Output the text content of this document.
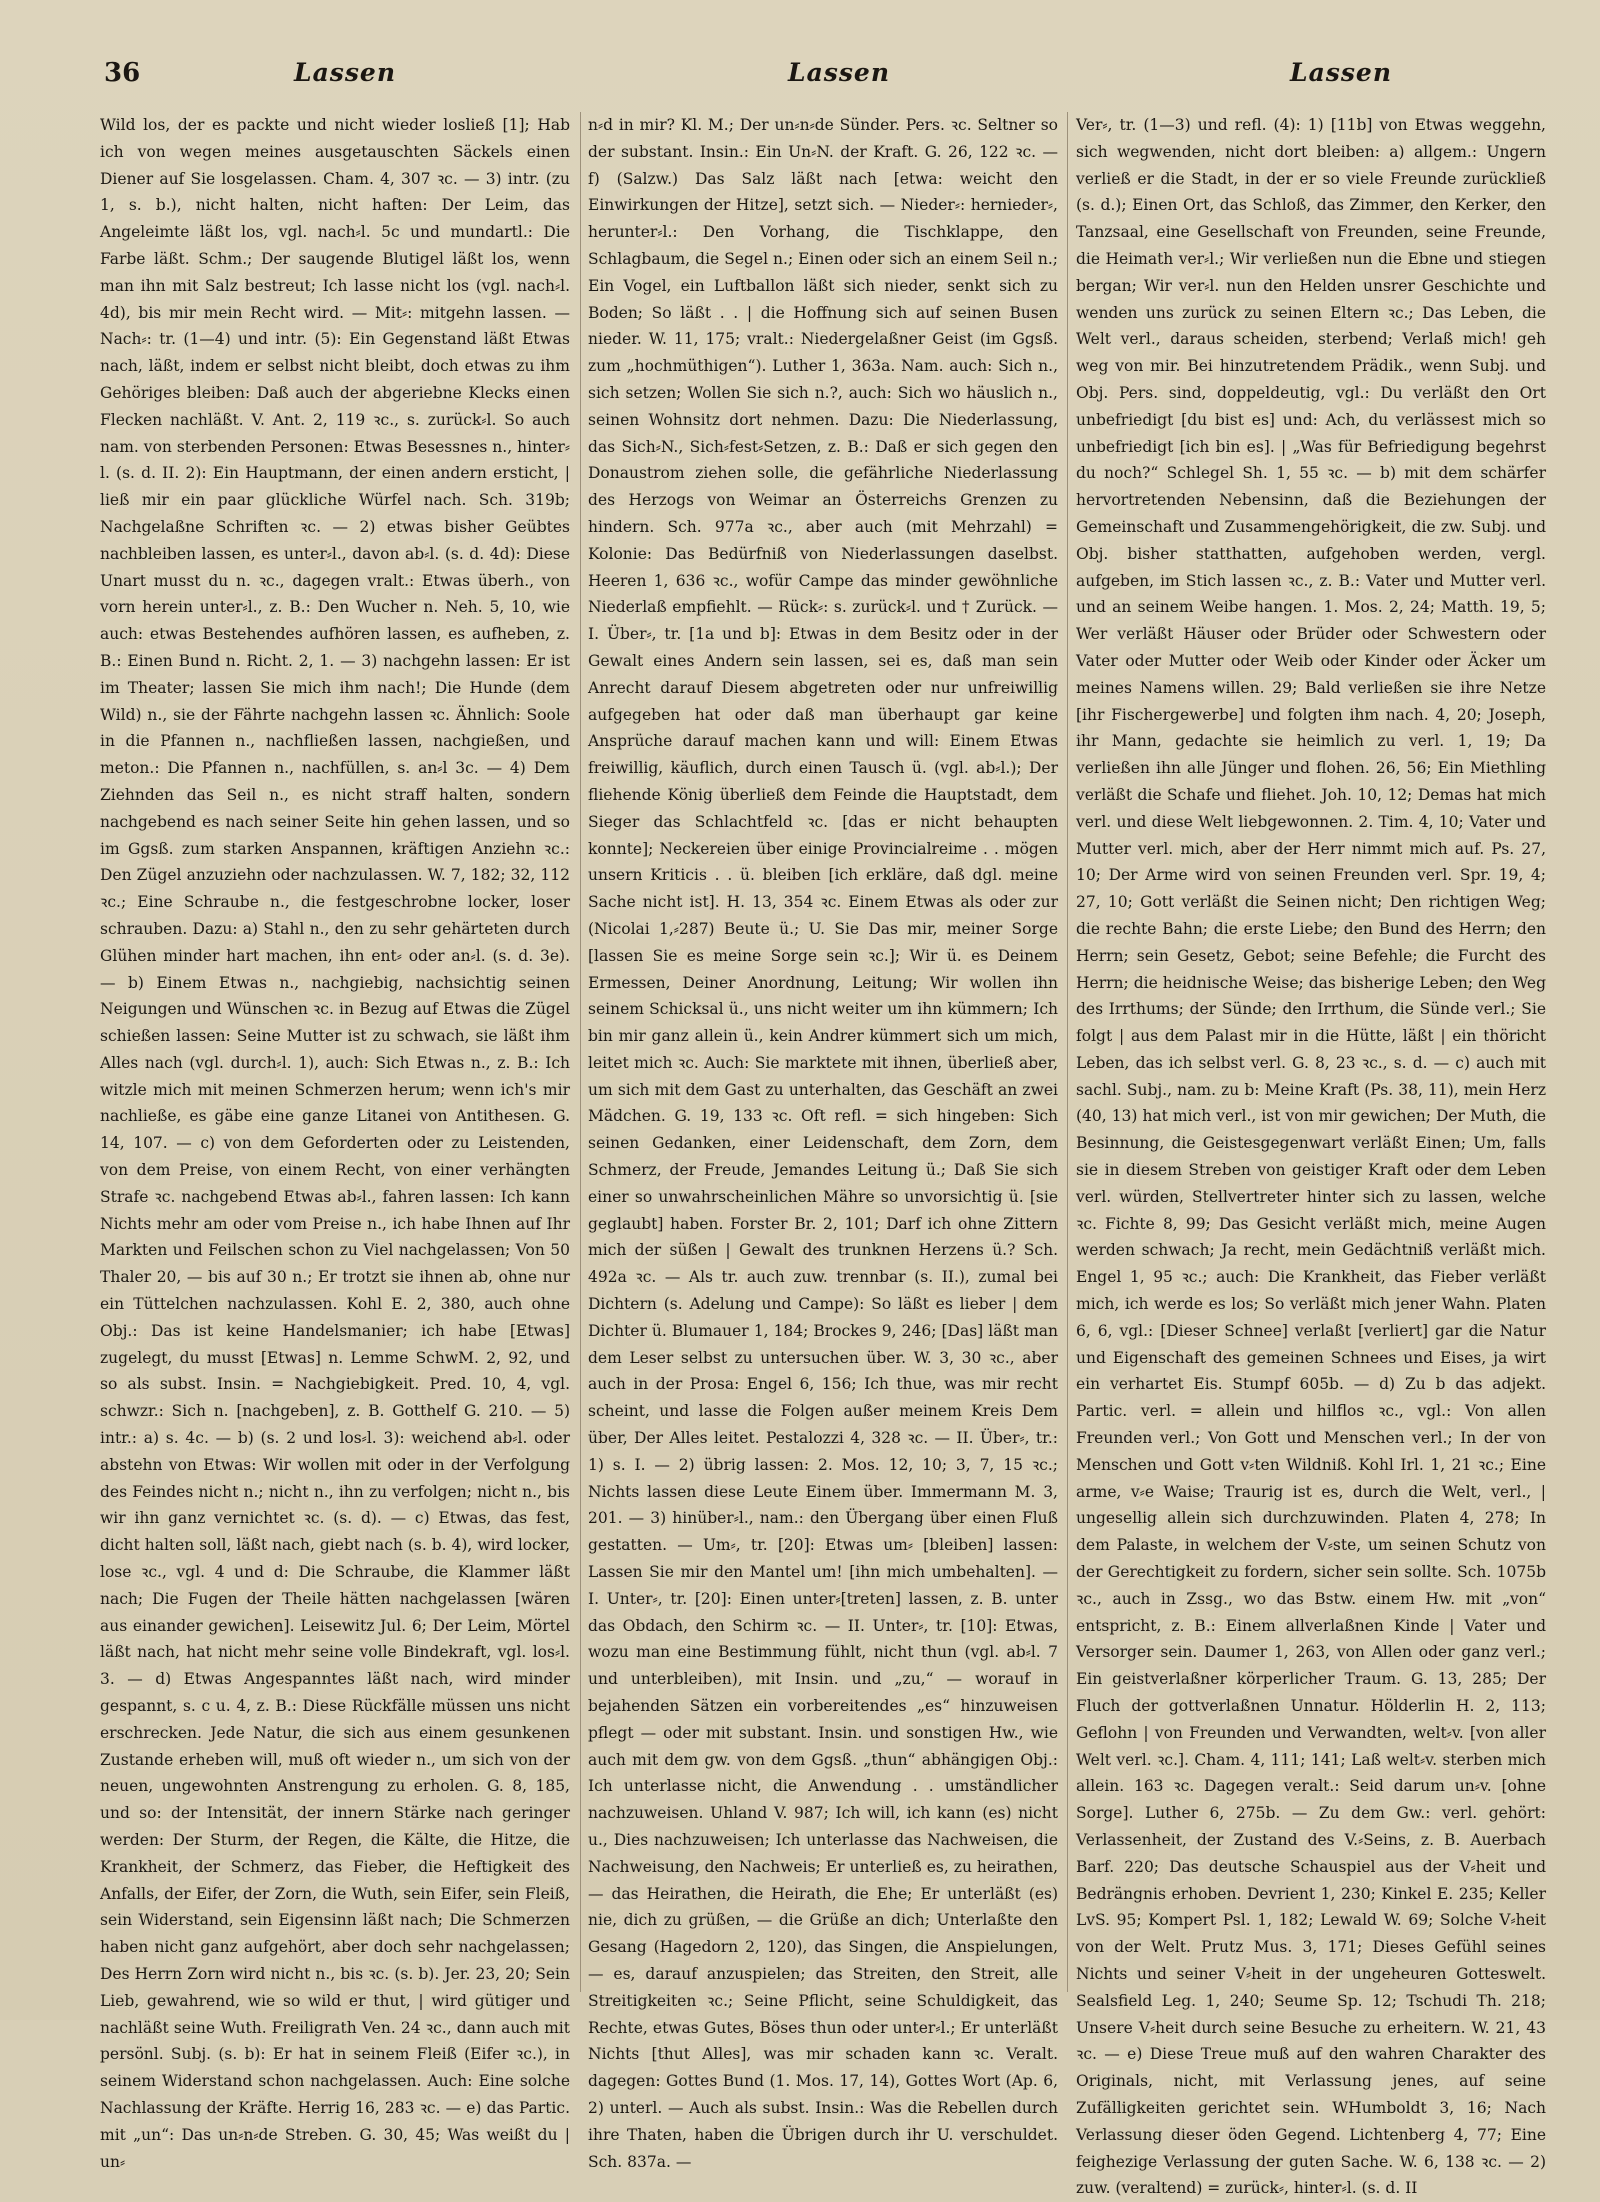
36	Lassen	Lassen	Lassen

Wild los, der es packte und nicht wieder losließ [1]; Hab ich von wegen meines ausgetauschten Säckels einen Diener auf Sie losgelassen. Cham. 4, 307 ꝛc. — 3) intr. (zu 1, s. b.), nicht halten, nicht haften: Der Leim, das Angeleimte läßt los, vgl. nach⸗l. 5c und mundartl.: Die Farbe läßt. Schm.; Der saugende Blutigel läßt los, wenn man ihn mit Salz bestreut; Ich lasse nicht los (vgl. nach⸗l. 4d), bis mir mein Recht wird. — Mit⸗: mitgehn lassen. — Nach⸗: tr. (1—4) und intr. (5): Ein Gegenstand läßt Etwas nach, läßt, indem er selbst nicht bleibt, doch etwas zu ihm Gehöriges bleiben: Daß auch der abgeriebne Klecks einen Flecken nachläßt. V. Ant. 2, 119 ꝛc., s. zurück⸗l. So auch nam. von sterbenden Personen: Etwas Besessnes n., hinter⸗l. (s. d. II. 2): Ein Hauptmann, der einen andern ersticht, | ließ mir ein paar glückliche Würfel nach. Sch. 319b; Nachgelaßne Schriften ꝛc. — 2) etwas bisher Geübtes nachbleiben lassen, es unter⸗l., davon ab⸗l. (s. d. 4d): Diese Unart musst du n. ꝛc., dagegen vralt.: Etwas überh., von vorn herein unter⸗l., z. B.: Den Wucher n. Neh. 5, 10, wie auch: etwas Bestehendes aufhören lassen, es aufheben, z. B.: Einen Bund n. Richt. 2, 1. — 3) nachgehn lassen: Er ist im Theater; lassen Sie mich ihm nach!; Die Hunde (dem Wild) n., sie der Fährte nachgehn lassen ꝛc. Ähnlich: Soole in die Pfannen n., nachfließen lassen, nachgießen, und meton.: Die Pfannen n., nachfüllen, s. an⸗l 3c. — 4) Dem Ziehnden das Seil n., es nicht straff halten, sondern nachgebend es nach seiner Seite hin gehen lassen, und so im Ggsß. zum starken Anspannen, kräftigen Anziehn ꝛc.: Den Zügel anzuziehn oder nachzulassen. W. 7, 182; 32, 112 ꝛc.; Eine Schraube n., die festgeschrobne locker, loser schrauben. Dazu: a) Stahl n., den zu sehr gehärteten durch Glühen minder hart machen, ihn ent⸗ oder an⸗l. (s. d. 3e). — b) Einem Etwas n., nachgiebig, nachsichtig seinen Neigungen und Wünschen ꝛc. in Bezug auf Etwas die Zügel schießen lassen: Seine Mutter ist zu schwach, sie läßt ihm Alles nach (vgl. durch⸗l. 1), auch: Sich Etwas n., z. B.: Ich witzle mich mit meinen Schmerzen herum; wenn ich's mir nachließe, es gäbe eine ganze Litanei von Antithesen. G. 14, 107. — c) von dem Geforderten oder zu Leistenden, von dem Preise, von einem Recht, von einer verhängten Strafe ꝛc. nachgebend Etwas ab⸗l., fahren lassen: Ich kann Nichts mehr am oder vom Preise n., ich habe Ihnen auf Ihr Markten und Feilschen schon zu Viel nachgelassen; Von 50 Thaler 20, — bis auf 30 n.; Er trotzt sie ihnen ab, ohne nur ein Tüttelchen nachzulassen. Kohl E. 2, 380, auch ohne Obj.: Das ist keine Handelsmanier; ich habe [Etwas] zugelegt, du musst [Etwas] n. Lemme SchwM. 2, 92, und so als subst. Insin. = Nachgiebigkeit. Pred. 10, 4, vgl. schwzr.: Sich n. [nachgeben], z. B. Gotthelf G. 210. — 5) intr.: a) s. 4c. — b) (s. 2 und los⸗l. 3): weichend ab⸗l. oder abstehn von Etwas: Wir wollen mit oder in der Verfolgung des Feindes nicht n.; nicht n., ihn zu verfolgen; nicht n., bis wir ihn ganz vernichtet ꝛc. (s. d). — c) Etwas, das fest, dicht halten soll, läßt nach, giebt nach (s. b. 4), wird locker, lose ꝛc., vgl. 4 und d: Die Schraube, die Klammer läßt nach; Die Fugen der Theile hätten nachgelassen [wären aus einander gewichen]. Leisewitz Jul. 6; Der Leim, Mörtel läßt nach, hat nicht mehr seine volle Bindekraft, vgl. los⸗l. 3. — d) Etwas Angespanntes läßt nach, wird minder gespannt, s. c u. 4, z. B.: Diese Rückfälle müssen uns nicht erschrecken. Jede Natur, die sich aus einem gesunkenen Zustande erheben will, muß oft wieder n., um sich von der neuen, ungewohnten Anstrengung zu erholen. G. 8, 185, und so: der Intensität, der innern Stärke nach geringer werden: Der Sturm, der Regen, die Kälte, die Hitze, die Krankheit, der Schmerz, das Fieber, die Heftigkeit des Anfalls, der Eifer, der Zorn, die Wuth, sein Eifer, sein Fleiß, sein Widerstand, sein Eigensinn läßt nach; Die Schmerzen haben nicht ganz aufgehört, aber doch sehr nachgelassen; Des Herrn Zorn wird nicht n., bis ꝛc. (s. b). Jer. 23, 20; Sein Lieb, gewahrend, wie so wild er thut, | wird gütiger und nachläßt seine Wuth. Freiligrath Ven. 24 ꝛc., dann auch mit persönl. Subj. (s. b): Er hat in seinem Fleiß (Eifer ꝛc.), in seinem Widerstand schon nachgelassen. Auch: Eine solche Nachlassung der Kräfte. Herrig 16, 283 ꝛc. — e) das Partic. mit „un“: Das un⸗n⸗de Streben. G. 30, 45; Was weißt du | un⸗

n⸗d in mir? Kl. M.; Der un⸗n⸗de Sünder. Pers. ꝛc. Seltner so der substant. Insin.: Ein Un⸗N. der Kraft. G. 26, 122 ꝛc. — f) (Salzw.) Das Salz läßt nach [etwa: weicht den Einwirkungen der Hitze], setzt sich. — Nieder⸗: hernieder⸗, herunter⸗l.: Den Vorhang, die Tischklappe, den Schlagbaum, die Segel n.; Einen oder sich an einem Seil n.; Ein Vogel, ein Luftballon läßt sich nieder, senkt sich zu Boden; So läßt . . | die Hoffnung sich auf seinen Busen nieder. W. 11, 175; vralt.: Niedergelaßner Geist (im Ggsß. zum „hochmüthigen“). Luther 1, 363a. Nam. auch: Sich n., sich setzen; Wollen Sie sich n.?, auch: Sich wo häuslich n., seinen Wohnsitz dort nehmen. Dazu: Die Niederlassung, das Sich⸗N., Sich⸗fest⸗Setzen, z. B.: Daß er sich gegen den Donaustrom ziehen solle, die gefährliche Niederlassung des Herzogs von Weimar an Österreichs Grenzen zu hindern. Sch. 977a ꝛc., aber auch (mit Mehrzahl) = Kolonie: Das Bedürfniß von Niederlassungen daselbst. Heeren 1, 636 ꝛc., wofür Campe das minder gewöhnliche Niederlaß empfiehlt. — Rück⸗: s. zurück⸗l. und † Zurück. — I. Über⸗, tr. [1a und b]: Etwas in dem Besitz oder in der Gewalt eines Andern sein lassen, sei es, daß man sein Anrecht darauf Diesem abgetreten oder nur unfreiwillig aufgegeben hat oder daß man überhaupt gar keine Ansprüche darauf machen kann und will: Einem Etwas freiwillig, käuflich, durch einen Tausch ü. (vgl. ab⸗l.); Der fliehende König überließ dem Feinde die Hauptstadt, dem Sieger das Schlachtfeld ꝛc. [das er nicht behaupten konnte]; Neckereien über einige Provincialreime . . mögen unsern Kriticis . . ü. bleiben [ich erkläre, daß dgl. meine Sache nicht ist]. H. 13, 354 ꝛc. Einem Etwas als oder zur (Nicolai 1,⸗287) Beute ü.; U. Sie Das mir, meiner Sorge [lassen Sie es meine Sorge sein ꝛc.]; Wir ü. es Deinem Ermessen, Deiner Anordnung, Leitung; Wir wollen ihn seinem Schicksal ü., uns nicht weiter um ihn kümmern; Ich bin mir ganz allein ü., kein Andrer kümmert sich um mich, leitet mich ꝛc. Auch: Sie marktete mit ihnen, überließ aber, um sich mit dem Gast zu unterhalten, das Geschäft an zwei Mädchen. G. 19, 133 ꝛc. Oft refl. = sich hingeben: Sich seinen Gedanken, einer Leidenschaft, dem Zorn, dem Schmerz, der Freude, Jemandes Leitung ü.; Daß Sie sich einer so unwahrscheinlichen Mähre so unvorsichtig ü. [sie geglaubt] haben. Forster Br. 2, 101; Darf ich ohne Zittern mich der süßen | Gewalt des trunknen Herzens ü.? Sch. 492a ꝛc. — Als tr. auch zuw. trennbar (s. II.), zumal bei Dichtern (s. Adelung und Campe): So läßt es lieber | dem Dichter ü. Blumauer 1, 184; Brockes 9, 246; [Das] läßt man dem Leser selbst zu untersuchen über. W. 3, 30 ꝛc., aber auch in der Prosa: Engel 6, 156; Ich thue, was mir recht scheint, und lasse die Folgen außer meinem Kreis Dem über, Der Alles leitet. Pestalozzi 4, 328 ꝛc. — II. Über⸗, tr.: 1) s. I. — 2) übrig lassen: 2. Mos. 12, 10; 3, 7, 15 ꝛc.; Nichts lassen diese Leute Einem über. Immermann M. 3, 201. — 3) hinüber⸗l., nam.: den Übergang über einen Fluß gestatten. — Um⸗, tr. [20]: Etwas um⸗ [bleiben] lassen: Lassen Sie mir den Mantel um! [ihn mich umbehalten]. — I. Unter⸗, tr. [20]: Einen unter⸗[treten] lassen, z. B. unter das Obdach, den Schirm ꝛc. — II. Unter⸗, tr. [10]: Etwas, wozu man eine Bestimmung fühlt, nicht thun (vgl. ab⸗l. 7 und unterbleiben), mit Insin. und „zu,“ — worauf in bejahenden Sätzen ein vorbereitendes „es“ hinzuweisen pflegt — oder mit substant. Insin. und sonstigen Hw., wie auch mit dem gw. von dem Ggsß. „thun“ abhängigen Obj.: Ich unterlasse nicht, die Anwendung . . umständlicher nachzuweisen. Uhland V. 987; Ich will, ich kann (es) nicht u., Dies nachzuweisen; Ich unterlasse das Nachweisen, die Nachweisung, den Nachweis; Er unterließ es, zu heirathen, — das Heirathen, die Heirath, die Ehe; Er unterläßt (es) nie, dich zu grüßen, — die Grüße an dich; Unterlaßte den Gesang (Hagedorn 2, 120), das Singen, die Anspielungen, — es, darauf anzuspielen; das Streiten, den Streit, alle Streitigkeiten ꝛc.; Seine Pflicht, seine Schuldigkeit, das Rechte, etwas Gutes, Böses thun oder unter⸗l.; Er unterläßt Nichts [thut Alles], was mir schaden kann ꝛc. Veralt. dagegen: Gottes Bund (1. Mos. 17, 14), Gottes Wort (Ap. 6, 2) unterl. — Auch als subst. Insin.: Was die Rebellen durch ihre Thaten, haben die Übrigen durch ihr U. verschuldet. Sch. 837a. —

Ver⸗, tr. (1—3) und refl. (4): 1) [11b] von Etwas weggehn, sich wegwenden, nicht dort bleiben: a) allgem.: Ungern verließ er die Stadt, in der er so viele Freunde zurückließ (s. d.); Einen Ort, das Schloß, das Zimmer, den Kerker, den Tanzsaal, eine Gesellschaft von Freunden, seine Freunde, die Heimath ver⸗l.; Wir verließen nun die Ebne und stiegen bergan; Wir ver⸗l. nun den Helden unsrer Geschichte und wenden uns zurück zu seinen Eltern ꝛc.; Das Leben, die Welt verl., daraus scheiden, sterbend; Verlaß mich! geh weg von mir. Bei hinzutretendem Prädik., wenn Subj. und Obj. Pers. sind, doppeldeutig, vgl.: Du verläßt den Ort unbefriedigt [du bist es] und: Ach, du verlässest mich so unbefriedigt [ich bin es]. | „Was für Befriedigung begehrst du noch?“ Schlegel Sh. 1, 55 ꝛc. — b) mit dem schärfer hervortretenden Nebensinn, daß die Beziehungen der Gemeinschaft und Zusammengehörigkeit, die zw. Subj. und Obj. bisher statthatten, aufgehoben werden, vergl. aufgeben, im Stich lassen ꝛc., z. B.: Vater und Mutter verl. und an seinem Weibe hangen. 1. Mos. 2, 24; Matth. 19, 5; Wer verläßt Häuser oder Brüder oder Schwestern oder Vater oder Mutter oder Weib oder Kinder oder Äcker um meines Namens willen. 29; Bald verließen sie ihre Netze [ihr Fischergewerbe] und folgten ihm nach. 4, 20; Joseph, ihr Mann, gedachte sie heimlich zu verl. 1, 19; Da verließen ihn alle Jünger und flohen. 26, 56; Ein Miethling verläßt die Schafe und fliehet. Joh. 10, 12; Demas hat mich verl. und diese Welt liebgewonnen. 2. Tim. 4, 10; Vater und Mutter verl. mich, aber der Herr nimmt mich auf. Ps. 27, 10; Der Arme wird von seinen Freunden verl. Spr. 19, 4; 27, 10; Gott verläßt die Seinen nicht; Den richtigen Weg; die rechte Bahn; die erste Liebe; den Bund des Herrn; den Herrn; sein Gesetz, Gebot; seine Befehle; die Furcht des Herrn; die heidnische Weise; das bisherige Leben; den Weg des Irrthums; der Sünde; den Irrthum, die Sünde verl.; Sie folgt | aus dem Palast mir in die Hütte, läßt | ein thöricht Leben, das ich selbst verl. G. 8, 23 ꝛc., s. d. — c) auch mit sachl. Subj., nam. zu b: Meine Kraft (Ps. 38, 11), mein Herz (40, 13) hat mich verl., ist von mir gewichen; Der Muth, die Besinnung, die Geistesgegenwart verläßt Einen; Um, falls sie in diesem Streben von geistiger Kraft oder dem Leben verl. würden, Stellvertreter hinter sich zu lassen, welche ꝛc. Fichte 8, 99; Das Gesicht verläßt mich, meine Augen werden schwach; Ja recht, mein Gedächtniß verläßt mich. Engel 1, 95 ꝛc.; auch: Die Krankheit, das Fieber verläßt mich, ich werde es los; So verläßt mich jener Wahn. Platen 6, 6, vgl.: [Dieser Schnee] verlaßt [verliert] gar die Natur und Eigenschaft des gemeinen Schnees und Eises, ja wirt ein verhartet Eis. Stumpf 605b. — d) Zu b das adjekt. Partic. verl. = allein und hilflos ꝛc., vgl.: Von allen Freunden verl.; Von Gott und Menschen verl.; In der von Menschen und Gott v⸗ten Wildniß. Kohl Irl. 1, 21 ꝛc.; Eine arme, v⸗e Waise; Traurig ist es, durch die Welt, verl., | ungesellig allein sich durchzuwinden. Platen 4, 278; In dem Palaste, in welchem der V⸗ste, um seinen Schutz von der Gerechtigkeit zu fordern, sicher sein sollte. Sch. 1075b ꝛc., auch in Zssg., wo das Bstw. einem Hw. mit „von“ entspricht, z. B.: Einem allverlaßnen Kinde | Vater und Versorger sein. Daumer 1, 263, von Allen oder ganz verl.; Ein geistverlaßner körperlicher Traum. G. 13, 285; Der Fluch der gottverlaßnen Unnatur. Hölderlin H. 2, 113; Geflohn | von Freunden und Verwandten, welt⸗v. [von aller Welt verl. ꝛc.]. Cham. 4, 111; 141; Laß welt⸗v. sterben mich allein. 163 ꝛc. Dagegen veralt.: Seid darum un⸗v. [ohne Sorge]. Luther 6, 275b. — Zu dem Gw.: verl. gehört: Verlassenheit, der Zustand des V.⸗Seins, z. B. Auerbach Barf. 220; Das deutsche Schauspiel aus der V⸗heit und Bedrängnis erhoben. Devrient 1, 230; Kinkel E. 235; Keller LvS. 95; Kompert Psl. 1, 182; Lewald W. 69; Solche V⸗heit von der Welt. Prutz Mus. 3, 171; Dieses Gefühl seines Nichts und seiner V⸗heit in der ungeheuren Gotteswelt. Sealsfield Leg. 1, 240; Seume Sp. 12; Tschudi Th. 218; Unsere V⸗heit durch seine Besuche zu erheitern. W. 21, 43 ꝛc. — e) Diese Treue muß auf den wahren Charakter des Originals, nicht, mit Verlassung jenes, auf seine Zufälligkeiten gerichtet sein. WHumboldt 3, 16; Nach Verlassung dieser öden Gegend. Lichtenberg 4, 77; Eine feighezige Verlassung der guten Sache. W. 6, 138 ꝛc. — 2) zuw. (veraltend) = zurück⸗, hinter⸗l. (s. d. II
